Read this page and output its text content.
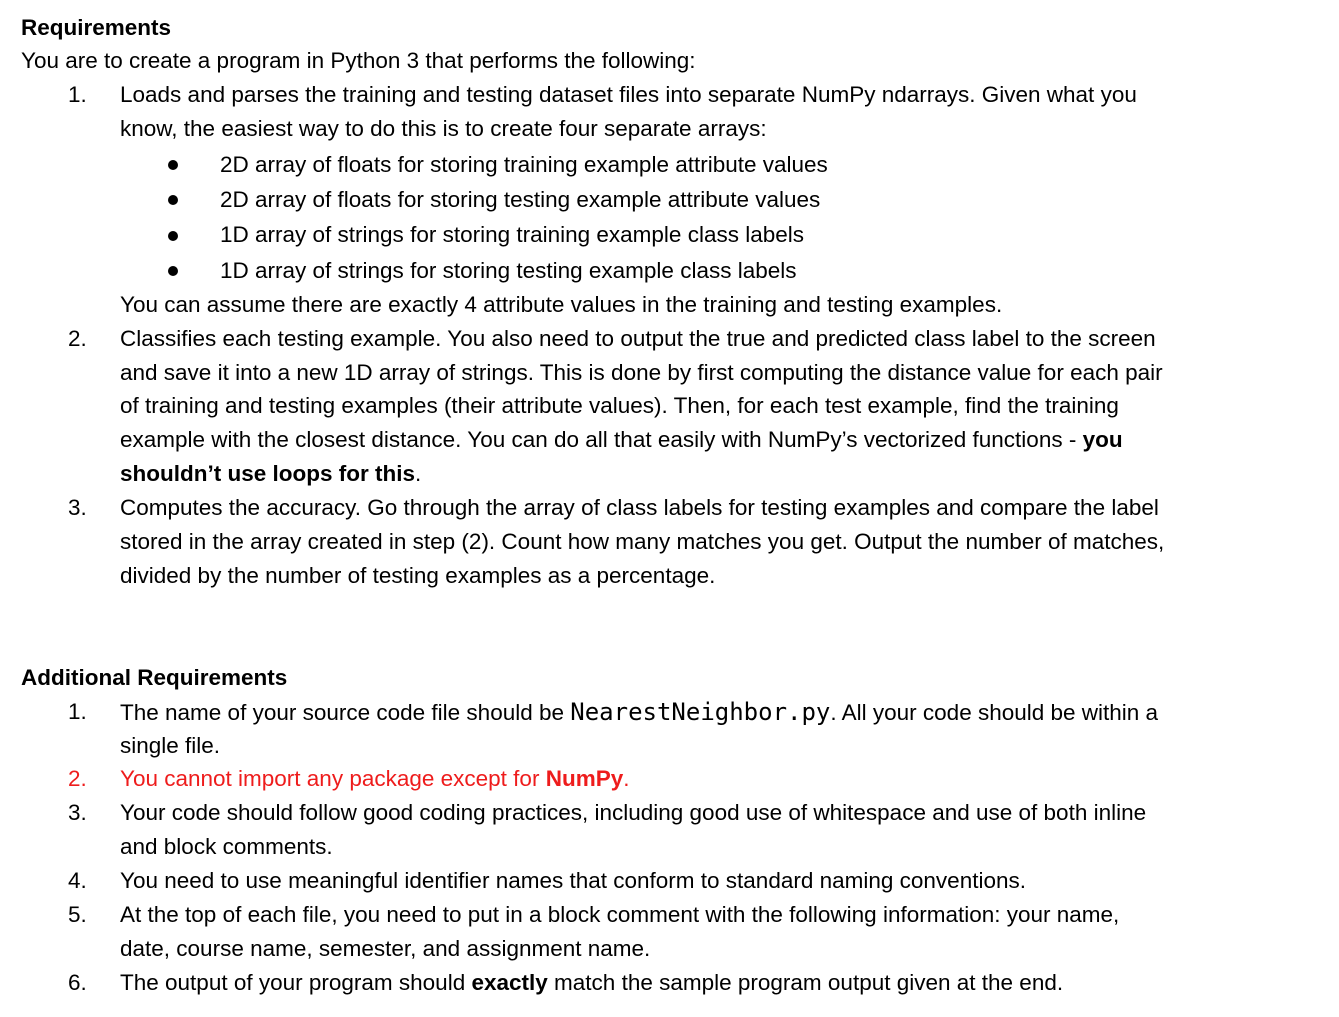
Requirements
You are to create a program in Python 3 that performs the following:
1. Loads and parses the training and testing dataset files into separate NumPy ndarrays. Given what you
know, the easiest way to do this is to create four separate arrays:
2D array of floats for storing training example attribute values
2D array of floats for storing testing example attribute values
1D array of strings for storing training example class labels
1D array of strings for storing testing example class labels
You can assume there are exactly 4 attribute values in the training and testing examples.
2. Classifies each testing example. You also need to output the true and predicted class label to the screen
and save it into a new 1D array of strings. This is done by first computing the distance value for each pair
of training and testing examples (their attribute values). Then, for each test example, find the training
example with the closest distance. You can do all that easily with NumPy’s vectorized functions - you
shouldn’t use loops for this.
3. Computes the accuracy. Go through the array of class labels for testing examples and compare the label
stored in the array created in step (2). Count how many matches you get. Output the number of matches,
divided by the number of testing examples as a percentage.
Additional Requirements
1. The name of your source code file should be NearestNeighbor.py. All your code should be within a
single file.
2. You cannot import any package except for NumPy.
3. Your code should follow good coding practices, including good use of whitespace and use of both inline
and block comments.
4. You need to use meaningful identifier names that conform to standard naming conventions.
5. At the top of each file, you need to put in a block comment with the following information: your name,
date, course name, semester, and assignment name.
6. The output of your program should exactly match the sample program output given at the end.
